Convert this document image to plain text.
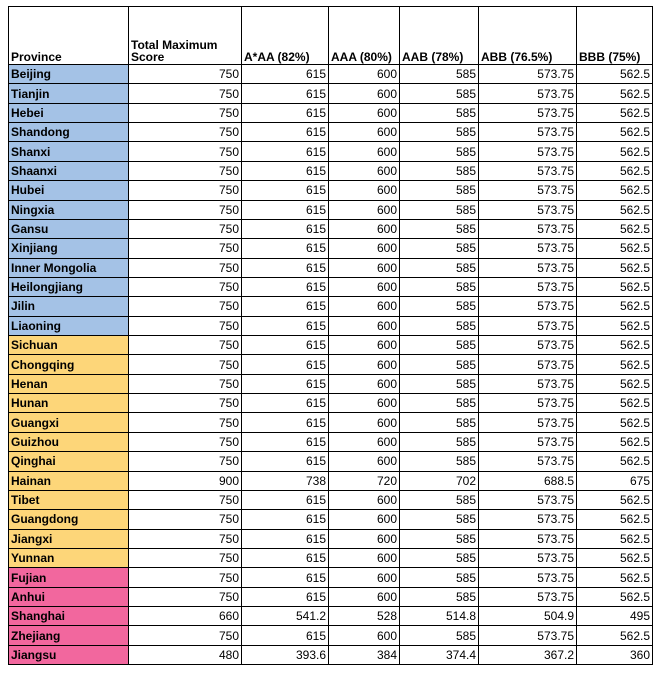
Province	Total Maximum Score	A*AA (82%)	AAA (80%)	AAB (78%)	ABB (76.5%)	BBB (75%)
Beijing	750	615	600	585	573.75	562.5
Tianjin	750	615	600	585	573.75	562.5
Hebei	750	615	600	585	573.75	562.5
Shandong	750	615	600	585	573.75	562.5
Shanxi	750	615	600	585	573.75	562.5
Shaanxi	750	615	600	585	573.75	562.5
Hubei	750	615	600	585	573.75	562.5
Ningxia	750	615	600	585	573.75	562.5
Gansu	750	615	600	585	573.75	562.5
Xinjiang	750	615	600	585	573.75	562.5
Inner Mongolia	750	615	600	585	573.75	562.5
Heilongjiang	750	615	600	585	573.75	562.5
Jilin	750	615	600	585	573.75	562.5
Liaoning	750	615	600	585	573.75	562.5
Sichuan	750	615	600	585	573.75	562.5
Chongqing	750	615	600	585	573.75	562.5
Henan	750	615	600	585	573.75	562.5
Hunan	750	615	600	585	573.75	562.5
Guangxi	750	615	600	585	573.75	562.5
Guizhou	750	615	600	585	573.75	562.5
Qinghai	750	615	600	585	573.75	562.5
Hainan	900	738	720	702	688.5	675
Tibet	750	615	600	585	573.75	562.5
Guangdong	750	615	600	585	573.75	562.5
Jiangxi	750	615	600	585	573.75	562.5
Yunnan	750	615	600	585	573.75	562.5
Fujian	750	615	600	585	573.75	562.5
Anhui	750	615	600	585	573.75	562.5
Shanghai	660	541.2	528	514.8	504.9	495
Zhejiang	750	615	600	585	573.75	562.5
Jiangsu	480	393.6	384	374.4	367.2	360
